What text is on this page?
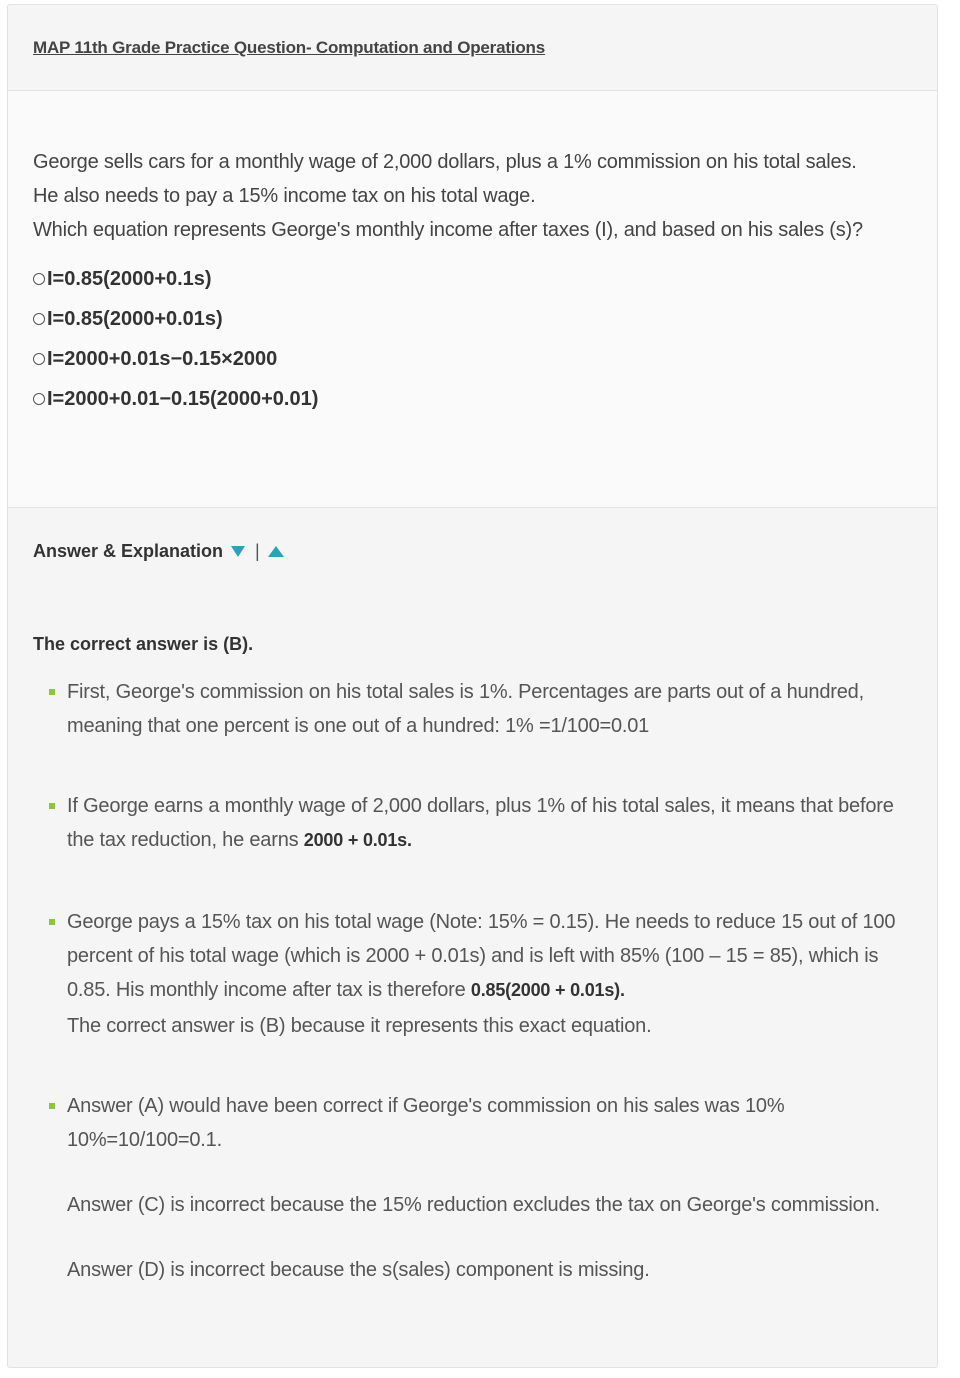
MAP 11th Grade Practice Question- Computation and Operations

George sells cars for a monthly wage of 2,000 dollars, plus a 1% commission on his total sales.

He also needs to pay a 15% income tax on his total wage.

Which equation represents George's monthly income after taxes (I), and based on his sales (s)?

I=0.85(2000+0.1s)
I=0.85(2000+0.01s)
I=2000+0.01s−0.15×2000
I=2000+0.01−0.15(2000+0.01)
Answer & Explanation |
The correct answer is (B).
First, George's commission on his total sales is 1%. Percentages are parts out of a hundred, meaning that one percent is one out of a hundred: 1% =1/100=0.01
If George earns a monthly wage of 2,000 dollars, plus 1% of his total sales, it means that before the tax reduction, he earns 2000 + 0.01s.
George pays a 15% tax on his total wage (Note: 15% = 0.15). He needs to reduce 15 out of 100 percent of his total wage (which is 2000 + 0.01s) and is left with 85% (100 – 15 = 85), which is 0.85. His monthly income after tax is therefore 0.85(2000 + 0.01s).
The correct answer is (B) because it represents this exact equation.
Answer (A) would have been correct if George's commission on his sales was 10%
10%=10/100=0.1.
Answer (C) is incorrect because the 15% reduction excludes the tax on George's commission.
Answer (D) is incorrect because the s(sales) component is missing.
